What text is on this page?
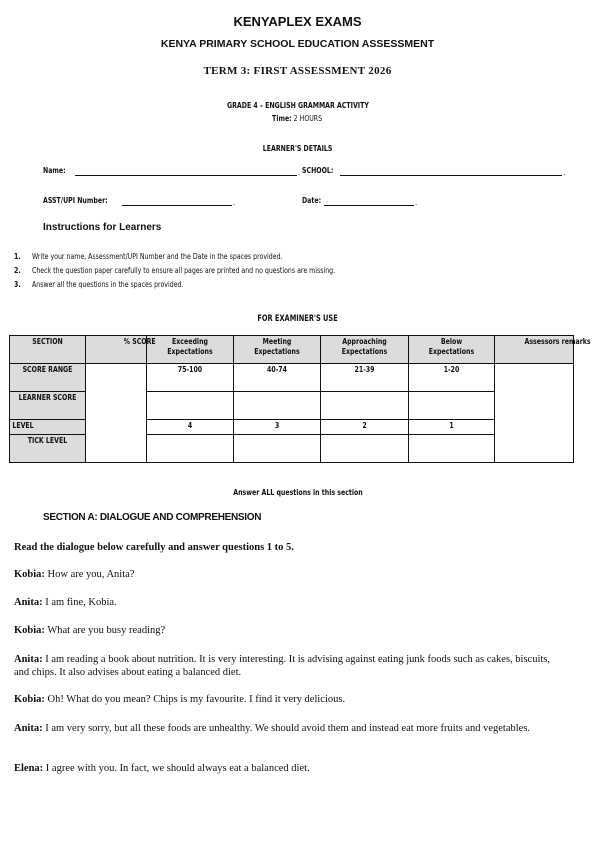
KENYAPLEX EXAMS
KENYA PRIMARY SCHOOL EDUCATION ASSESSMENT
TERM 3: FIRST ASSESSMENT 2026
GRADE 4 – ENGLISH GRAMMAR ACTIVITY
Time: 2 HOURS
LEARNER'S DETAILS
Name:	. SCHOOL:	.
ASST/UPI Number:	.	Date:	.
Instructions for Learners
1. Write your name, Assessment/UPI Number and the Date in the spaces provided.
2. Check the question paper carefully to ensure all pages are printed and no questions are missing.
3. Answer all the questions in the spaces provided.
FOR EXAMINER'S USE
SECTION	% SCORE	Exceeding Expectations	Meeting Expectations	Approaching Expectations	Below Expectations	Assessors remarks

SCORE RANGE		75-100	40-74	21-39	1-20	

LEARNER SCORE						

LEVEL		4	3	2	1	

TICK LEVEL						

Answer ALL questions in this section
SECTION A: DIALOGUE AND COMPREHENSION
Read the dialogue below carefully and answer questions 1 to 5.
Kobia: How are you, Anita?
Anita: I am fine, Kobia.
Kobia: What are you busy reading?
Anita: I am reading a book about nutrition. It is very interesting. It is advising against eating junk foods such as cakes, biscuits, and chips. It also advises about eating a balanced diet.
Kobia: Oh! What do you mean? Chips is my favourite. I find it very delicious.
Anita: I am very sorry, but all these foods are unhealthy. We should avoid them and instead eat more fruits and vegetables.
Elena: I agree with you. In fact, we should always eat a balanced diet.
